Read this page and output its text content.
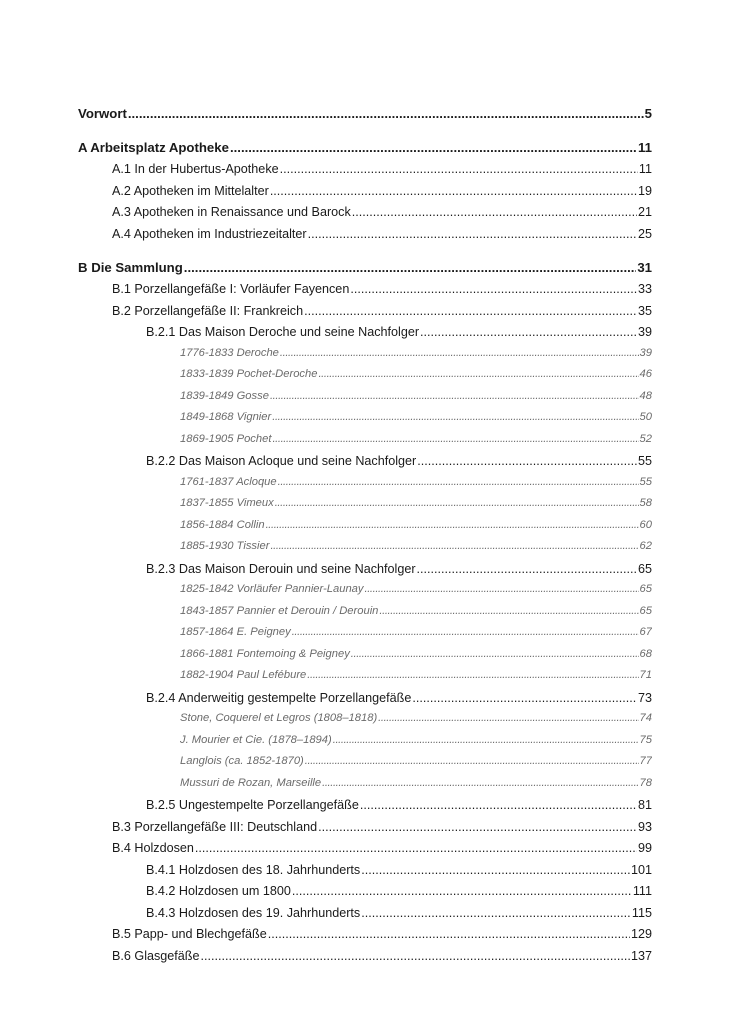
Vorwort .....	5
A Arbeitsplatz Apotheke .....	11
A.1 In der Hubertus-Apotheke .....	11
A.2 Apotheken im Mittelalter .....	19
A.3 Apotheken in Renaissance und Barock .....	21
A.4 Apotheken im Industriezeitalter .....	25
B Die Sammlung .....	31
B.1 Porzellangefäße I: Vorläufer Fayencen .....	33
B.2 Porzellangefäße II: Frankreich .....	35
B.2.1 Das Maison Deroche und seine Nachfolger .....	39
1776-1833 Deroche .....	39
1833-1839 Pochet-Deroche .....	46
1839-1849 Gosse .....	48
1849-1868 Vignier .....	50
1869-1905 Pochet .....	52
B.2.2 Das Maison Acloque und seine Nachfolger .....	55
1761-1837 Acloque .....	55
1837-1855 Vimeux .....	58
1856-1884 Collin .....	60
1885-1930 Tissier .....	62
B.2.3 Das Maison Derouin und seine Nachfolger .....	65
1825-1842 Vorläufer Pannier-Launay .....	65
1843-1857 Pannier et Derouin / Derouin .....	65
1857-1864 E. Peigney .....	67
1866-1881 Fontemoing & Peigney .....	68
1882-1904 Paul Lefébure .....	71
B.2.4 Anderweitig gestempelte Porzellangefäße .....	73
Stone, Coquerel et Legros (1808–1818) .....	74
J. Mourier et Cie. (1878–1894) .....	75
Langlois (ca. 1852-1870) .....	77
Mussuri de Rozan, Marseille .....	78
B.2.5 Ungestempelte Porzellangefäße .....	81
B.3 Porzellangefäße III: Deutschland .....	93
B.4 Holzdosen .....	99
B.4.1 Holzdosen des 18. Jahrhunderts .....	101
B.4.2 Holzdosen um 1800 .....	111
B.4.3 Holzdosen des 19. Jahrhunderts .....	115
B.5 Papp- und Blechgefäße .....	129
B.6 Glasgefäße .....	137
